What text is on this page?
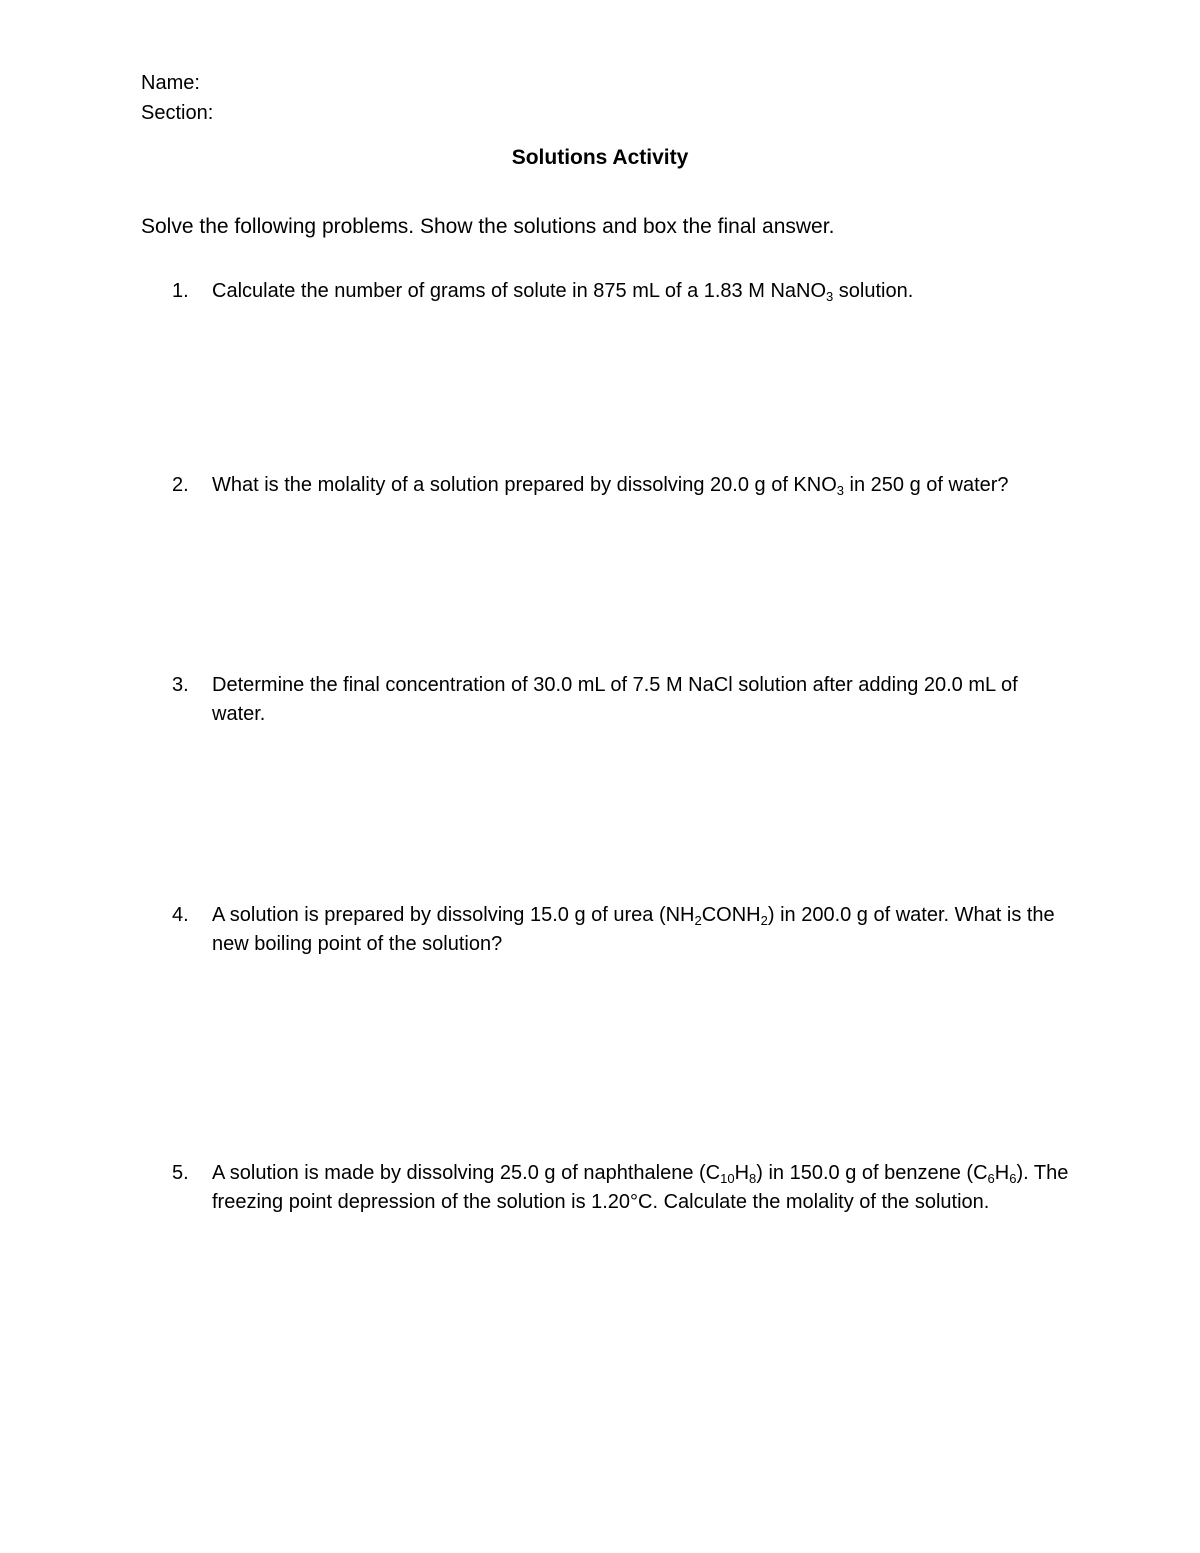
Name:
Section:
Solutions Activity
Solve the following problems. Show the solutions and box the final answer.
1.	Calculate the number of grams of solute in 875 mL of a 1.83 M NaNO$_3$ solution.
2.	What is the molality of a solution prepared by dissolving 20.0 g of $KNO_3$ in 250 g of water?
3.	Determine the final concentration of 30.0 mL of 7.5 M NaCl solution after adding 20.0 mL of water.
4.	A solution is prepared by dissolving 15.0 g of urea $(NH_2CONH_2)$ in 200.0 g of water. What is the new boiling point of the solution?
5.	A solution is made by dissolving 25.0 g of naphthalene $(C_{10}H_8)$ in 150.0 g of benzene $(C_6H_6)$. The freezing point depression of the solution is 1.20°C. Calculate the molality of the solution.
